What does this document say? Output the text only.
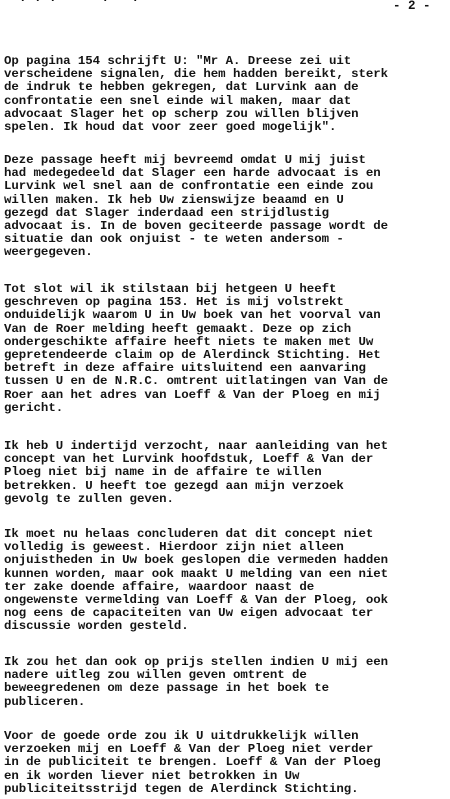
- 2 -
Op pagina 154 schrijft U: "Mr A. Dreese zei uit
verscheidene signalen, die hem hadden bereikt, sterk
de indruk te hebben gekregen, dat Lurvink aan de
confrontatie een snel einde wil maken, maar dat
advocaat Slager het op scherp zou willen blijven
spelen. Ik houd dat voor zeer goed mogelijk".
Deze passage heeft mij bevreemd omdat U mij juist
had medegedeeld dat Slager een harde advocaat is en
Lurvink wel snel aan de confrontatie een einde zou
willen maken. Ik heb Uw zienswijze beaamd en U
gezegd dat Slager inderdaad een strijdlustig
advocaat is. In de boven geciteerde passage wordt de
situatie dan ook onjuist - te weten andersom -
weergegeven.
Tot slot wil ik stilstaan bij hetgeen U heeft
geschreven op pagina 153. Het is mij volstrekt
onduidelijk waarom U in Uw boek van het voorval van
Van de Roer melding heeft gemaakt. Deze op zich
ondergeschikte affaire heeft niets te maken met Uw
gepretendeerde claim op de Alerdinck Stichting. Het
betreft in deze affaire uitsluitend een aanvaring
tussen U en de N.R.C. omtrent uitlatingen van Van de
Roer aan het adres van Loeff & Van der Ploeg en mij
gericht.
Ik heb U indertijd verzocht, naar aanleiding van het
concept van het Lurvink hoofdstuk, Loeff & Van der
Ploeg niet bij name in de affaire te willen
betrekken. U heeft toe gezegd aan mijn verzoek
gevolg te zullen geven.
Ik moet nu helaas concluderen dat dit concept niet
volledig is geweest. Hierdoor zijn niet alleen
onjuistheden in Uw boek geslopen die vermeden hadden
kunnen worden, maar ook maakt U melding van een niet
ter zake doende affaire, waardoor naast de
ongewenste vermelding van Loeff & Van der Ploeg, ook
nog eens de capaciteiten van Uw eigen advocaat ter
discussie worden gesteld.
Ik zou het dan ook op prijs stellen indien U mij een
nadere uitleg zou willen geven omtrent de
beweegredenen om deze passage in het boek te
publiceren.
Voor de goede orde zou ik U uitdrukkelijk willen
verzoeken mij en Loeff & Van der Ploeg niet verder
in de publiciteit te brengen. Loeff & Van der Ploeg
en ik worden liever niet betrokken in Uw
publiciteitsstrijd tegen de Alerdinck Stichting.
